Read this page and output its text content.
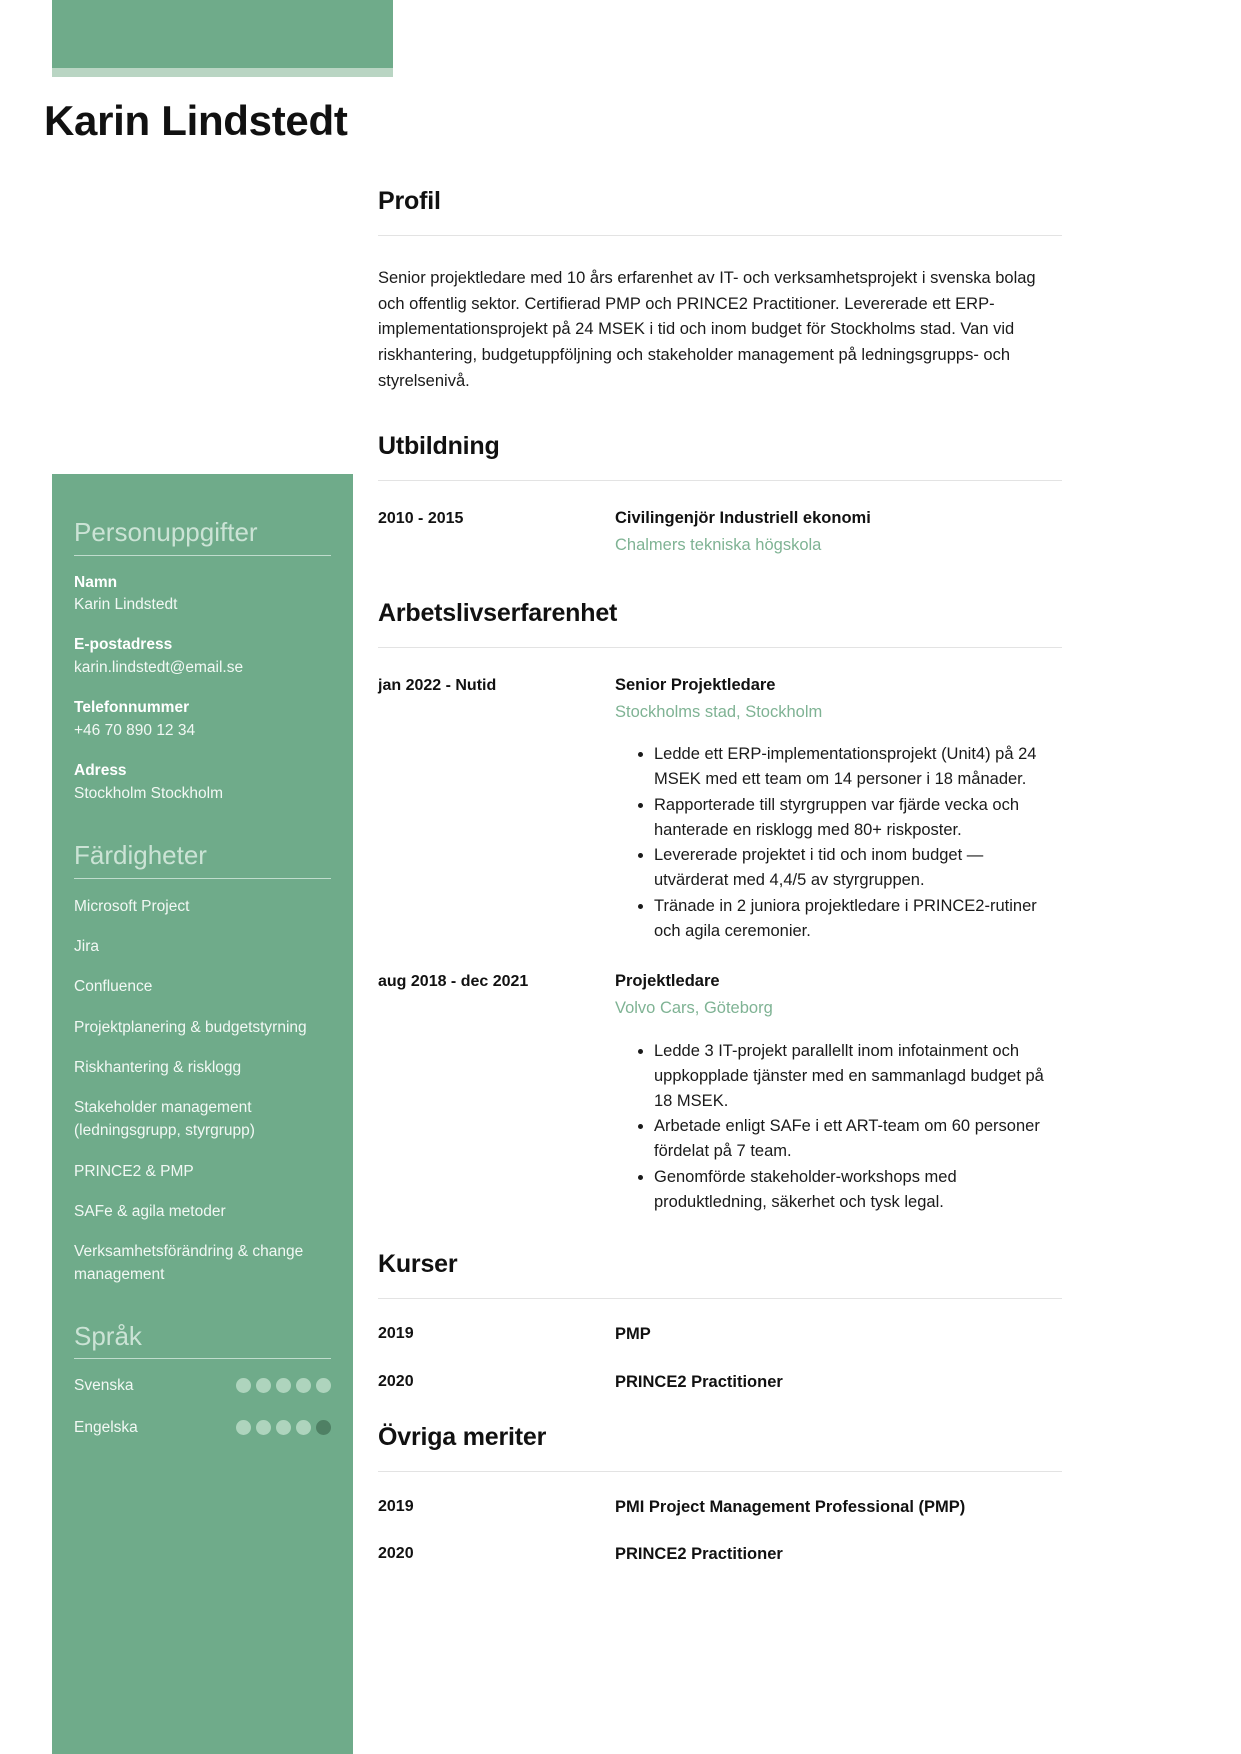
Karin Lindstedt
Personuppgifter
Namn
Karin Lindstedt
E-postadress
karin.lindstedt@email.se
Telefonnummer
+46 70 890 12 34
Adress
Stockholm Stockholm
Färdigheter
Microsoft Project
Jira
Confluence
Projektplanering & budgetstyrning
Riskhantering & risklogg
Stakeholder management (ledningsgrupp, styrgrupp)
PRINCE2 & PMP
SAFe & agila metoder
Verksamhetsförändring & change management
Språk
Svenska
Engelska
Profil

Senior projektledare med 10 års erfarenhet av IT- och verksamhetsprojekt i svenska bolag och offentlig sektor. Certifierad PMP och PRINCE2 Practitioner. Levererade ett ERP-implementationsprojekt på 24 MSEK i tid och inom budget för Stockholms stad. Van vid riskhantering, budgetuppföljning och stakeholder management på ledningsgrupps- och styrelsenivå.

Utbildning
2010 - 2015	Civilingenjör Industriell ekonomi
Chalmers tekniska högskola
Arbetslivserfarenhet
jan 2022 - Nutid	Senior Projektledare
Stockholms stad, Stockholm
• Ledde ett ERP-implementationsprojekt (Unit4) på 24 MSEK med ett team om 14 personer i 18 månader.
• Rapporterade till styrgruppen var fjärde vecka och hanterade en risklogg med 80+ riskposter.
• Levererade projektet i tid och inom budget — utvärderat med 4,4/5 av styrgruppen.
• Tränade in 2 juniora projektledare i PRINCE2-rutiner och agila ceremonier.
aug 2018 - dec 2021	Projektledare
Volvo Cars, Göteborg
• Ledde 3 IT-projekt parallellt inom infotainment och uppkopplade tjänster med en sammanlagd budget på 18 MSEK.
• Arbetade enligt SAFe i ett ART-team om 60 personer fördelat på 7 team.
• Genomförde stakeholder-workshops med produktledning, säkerhet och tysk legal.
Kurser
2019	PMP
2020	PRINCE2 Practitioner
Övriga meriter
2019	PMI Project Management Professional (PMP)
2020	PRINCE2 Practitioner
